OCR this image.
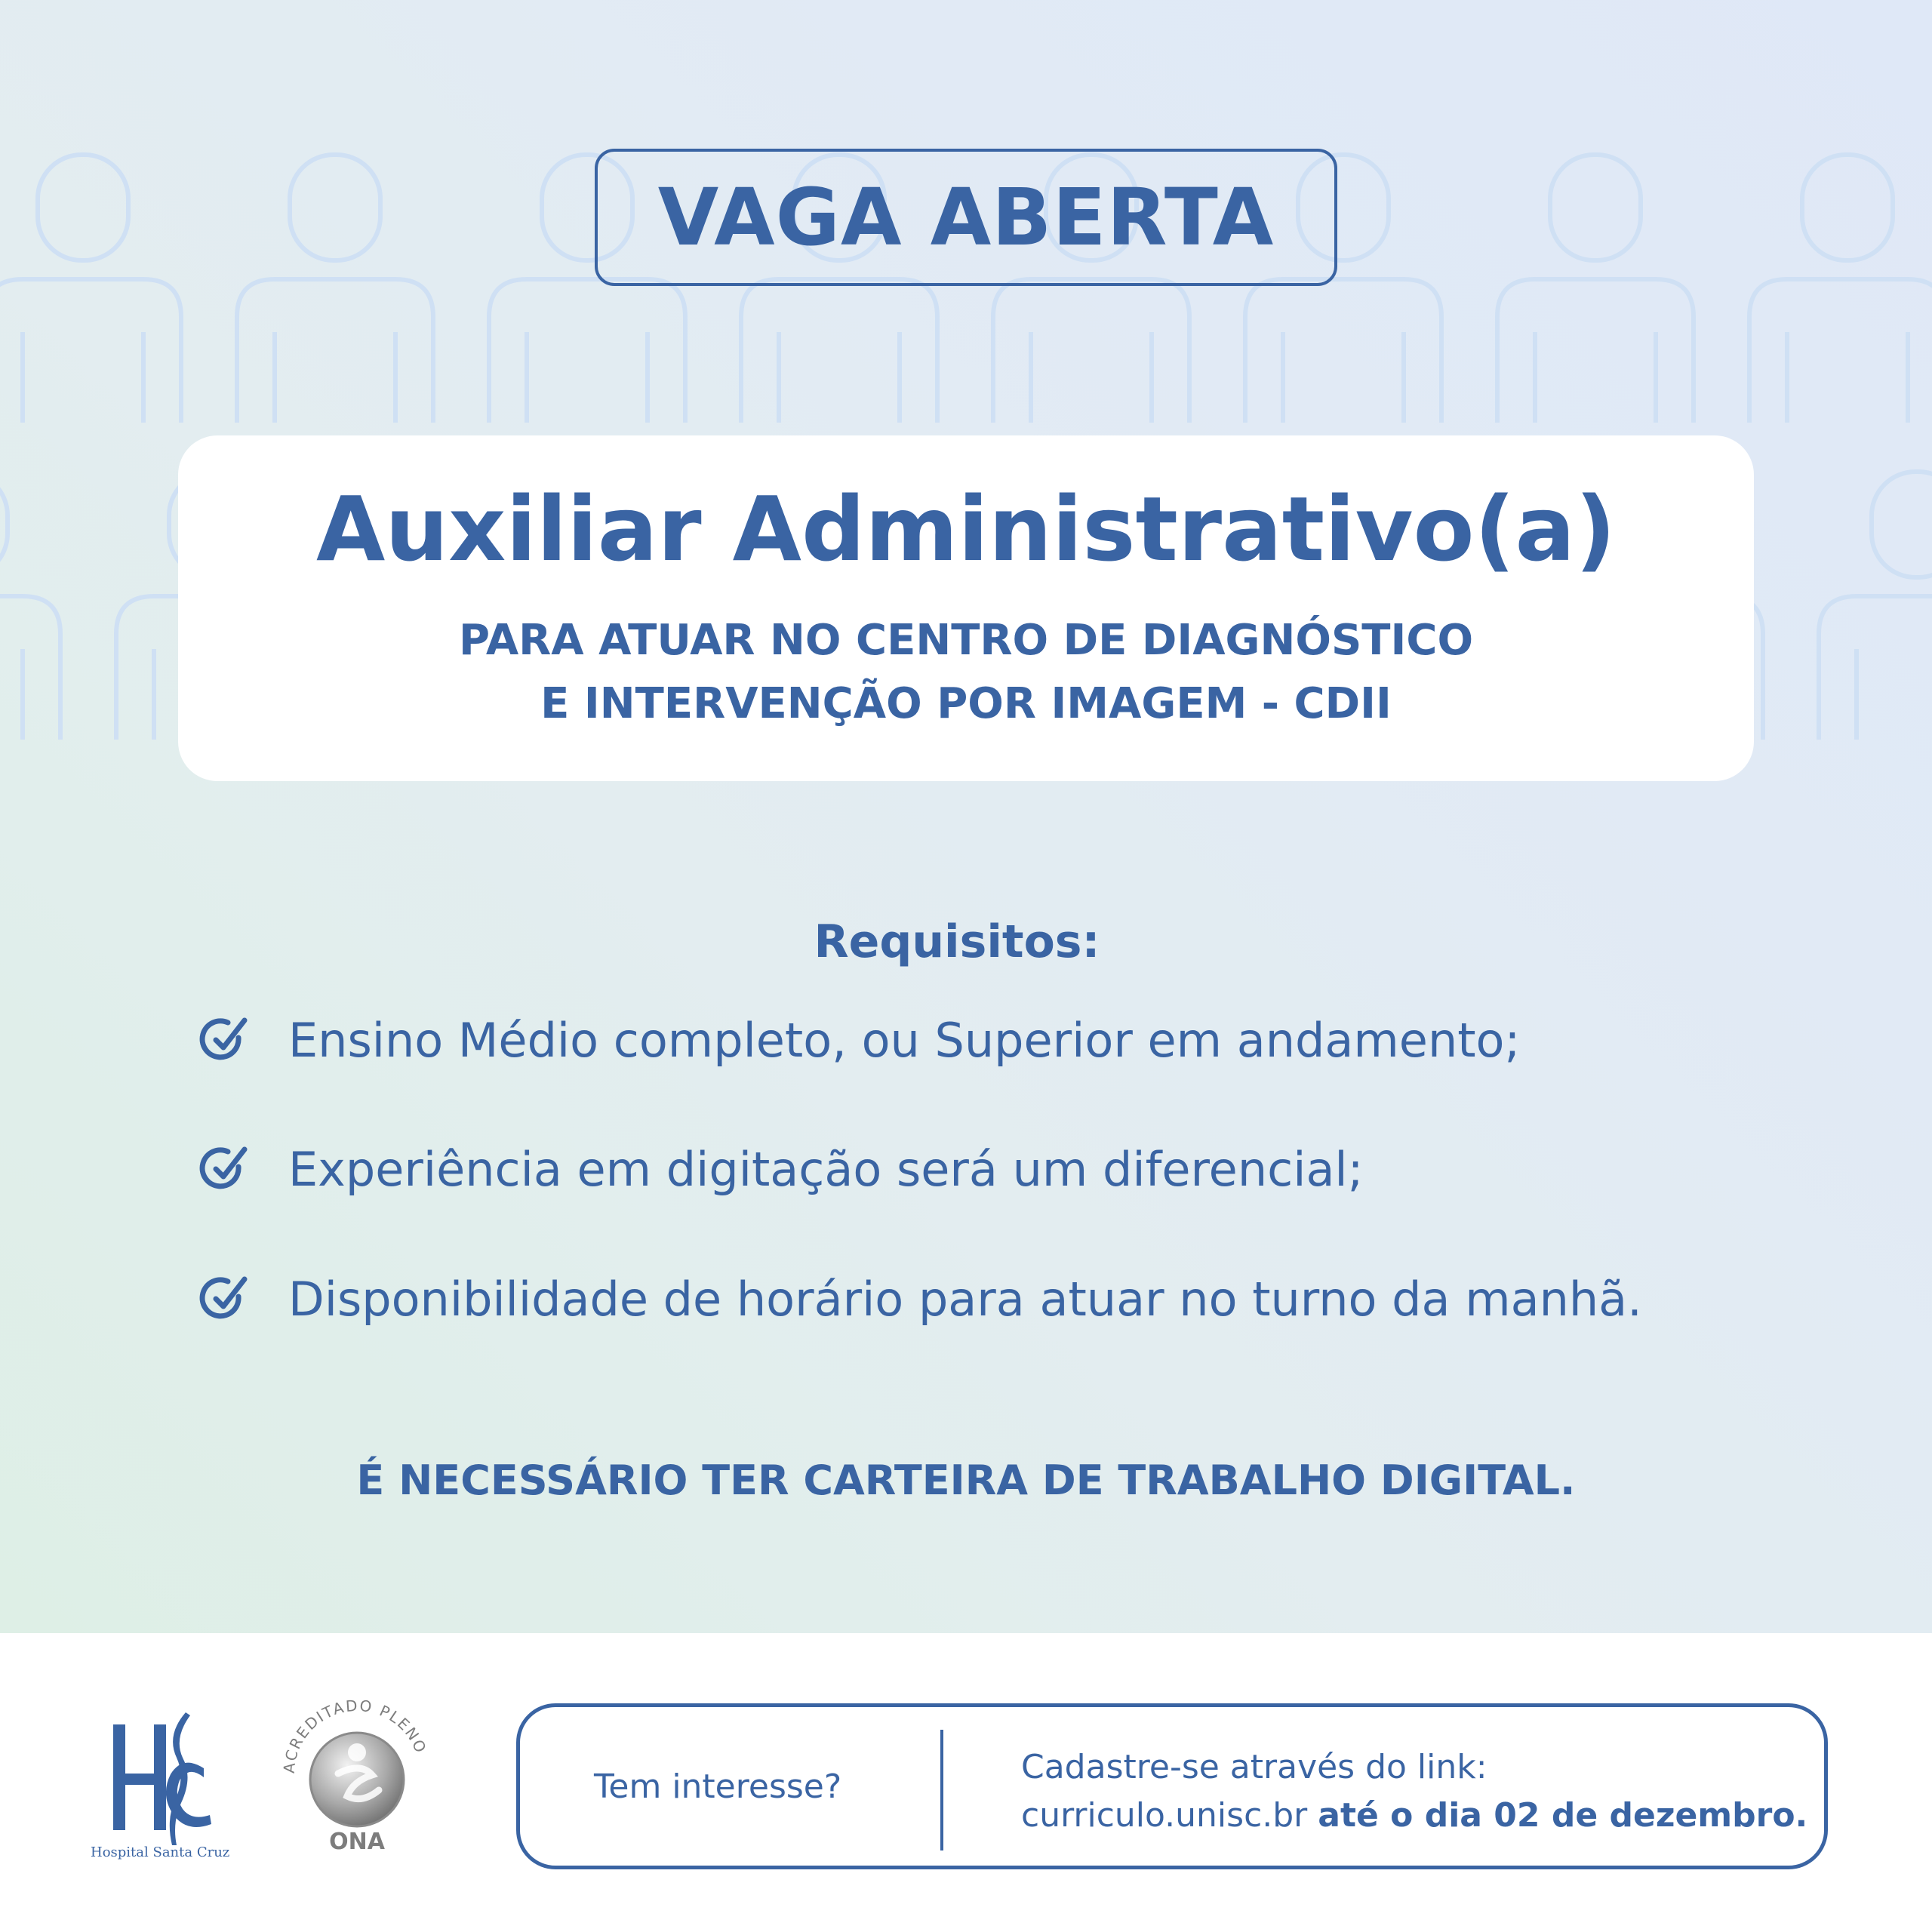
VAGA ABERTA
Auxiliar Administrativo(a)
PARA ATUAR NO CENTRO DE DIAGNÓSTICO
E INTERVENÇÃO POR IMAGEM - CDII
Requisitos:
Ensino Médio completo, ou Superior em andamento;
Experiência em digitação será um diferencial;
Disponibilidade de horário para atuar no turno da manhã.
É NECESSÁRIO TER CARTEIRA DE TRABALHO DIGITAL.
Hospital Santa Cruz
ACREDITADO PLENO
ONA
Tem interesse?	Cadastre-se através do link:
curriculo.unisc.br até o dia 02 de dezembro.
